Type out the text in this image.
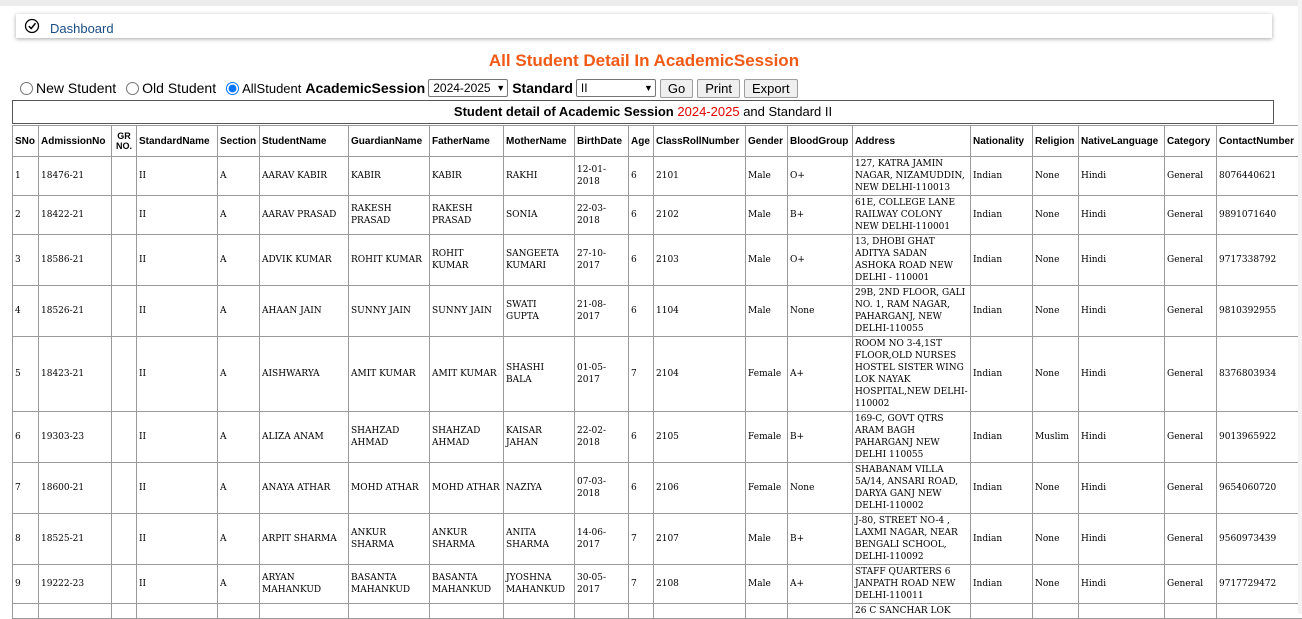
Dashboard
All Student Detail In AcademicSession
New Student Old Student AllStudent AcademicSession 2024-2025 ▼ Standard II	▼	Go	Print	Export
Student detail of Academic Session 2024-2025 and Standard II
SNo	AdmissionNo	GR NO.	StandardName	Section	StudentName	GuardianName	FatherName	MotherName	BirthDate	Age	ClassRollNumber	Gender	BloodGroup	Address	Nationality	Religion	NativeLanguage	Category	ContactNumber
1	18476-21		II	A	AARAV KABIR	KABIR	KABIR	RAKHI	12-01-2018	6	2101	Male	O+	127, KATRA JAMIN NAGAR, NIZAMUDDIN, NEW DELHI-110013	Indian	None	Hindi	General	8076440621
2	18422-21		II	A	AARAV PRASAD	RAKESH PRASAD	RAKESH PRASAD	SONIA	22-03-2018	6	2102	Male	B+	61E, COLLEGE LANE RAILWAY COLONY NEW DELHI-110001	Indian	None	Hindi	General	9891071640
3	18586-21		II	A	ADVIK KUMAR	ROHIT KUMAR	ROHIT KUMAR	SANGEETA KUMARI	27-10-2017	6	2103	Male	O+	13, DHOBI GHAT ADITYA SADAN ASHOKA ROAD NEW DELHI - 110001	Indian	None	Hindi	General	9717338792
4	18526-21		II	A	AHAAN JAIN	SUNNY JAIN	SUNNY JAIN	SWATI GUPTA	21-08-2017	6	1104	Male	None	29B, 2ND FLOOR, GALI NO. 1, RAM NAGAR, PAHARGANJ, NEW DELHI-110055	Indian	None	Hindi	General	9810392955
5	18423-21		II	A	AISHWARYA	AMIT KUMAR	AMIT KUMAR	SHASHI BALA	01-05-2017	7	2104	Female	A+	ROOM NO 3-4,1ST FLOOR,OLD NURSES HOSTEL SISTER WING LOK NAYAK HOSPITAL,NEW DELHI-110002	Indian	None	Hindi	General	8376803934
6	19303-23		II	A	ALIZA ANAM	SHAHZAD AHMAD	SHAHZAD AHMAD	KAISAR JAHAN	22-02-2018	6	2105	Female	B+	169-C, GOVT QTRS ARAM BAGH PAHARGANJ NEW DELHI 110055	Indian	Muslim	Hindi	General	9013965922
7	18600-21		II	A	ANAYA ATHAR	MOHD ATHAR	MOHD ATHAR	NAZIYA	07-03-2018	6	2106	Female	None	SHABANAM VILLA 5A/14, ANSARI ROAD, DARYA GANJ NEW DELHI-110002	Indian	None	Hindi	General	9654060720
8	18525-21		II	A	ARPIT SHARMA	ANKUR SHARMA	ANKUR SHARMA	ANITA SHARMA	14-06-2017	7	2107	Male	B+	J-80, STREET NO-4 , LAXMI NAGAR, NEAR BENGALI SCHOOL, DELHI-110092	Indian	None	Hindi	General	9560973439
9	19222-23		II	A	ARYAN MAHANKUD	BASANTA MAHANKUD	BASANTA MAHANKUD	JYOSHNA MAHANKUD	30-05-2017	7	2108	Male	A+	STAFF QUARTERS 6 JANPATH ROAD NEW DELHI-110011	Indian	None	Hindi	General	9717729472
														26 C SANCHAR LOK					
